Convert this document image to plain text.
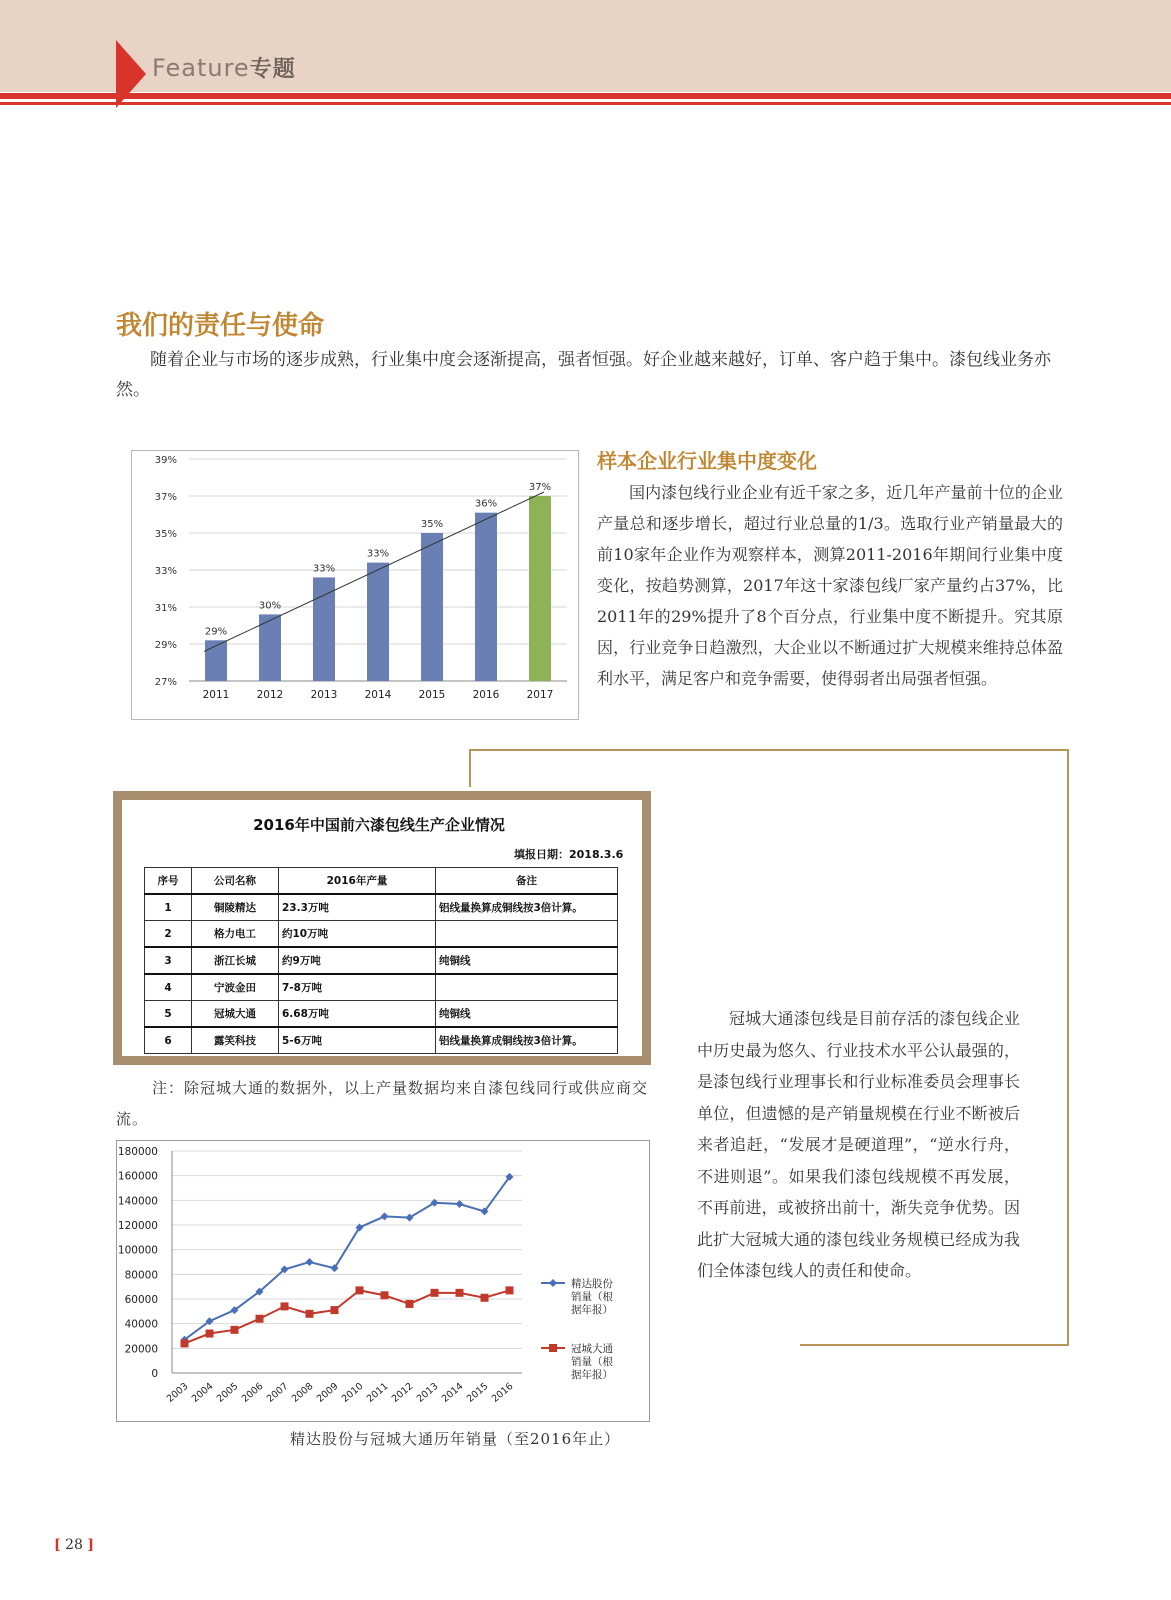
Feature专题
我们的责任与使命
随着企业与市场的逐步成熟，行业集中度会逐渐提高，强者恒强。好企业越来越好，订单、客户趋于集中。漆包线业务亦然。
27%
29%
31%
33%
35%
37%
39%
29%
2011
30%
2012
33%
2013
33%
2014
35%
2015
36%
2016
37%
2017
样本企业行业集中度变化
国内漆包线行业企业有近千家之多，近几年产量前十位的企业产量总和逐步增长，超过行业总量的1/3。选取行业产销量最大的前10家年企业作为观察样本，测算2011-2016年期间行业集中度变化，按趋势测算，2017年这十家漆包线厂家产量约占37%，比2011年的29%提升了8个百分点，行业集中度不断提升。究其原因，行业竞争日趋激烈，大企业以不断通过扩大规模来维持总体盈利水平，满足客户和竞争需要，使得弱者出局强者恒强。
2016年中国前六漆包线生产企业情况
填报日期：2018.3.6
序号	公司名称	2016年产量	备注
1	铜陵精达	23.3万吨	铝线量换算成铜线按3倍计算。
2	格力电工	约10万吨	
3	浙江长城	约9万吨	纯铜线
4	宁波金田	7-8万吨	
5	冠城大通	6.68万吨	纯铜线
6	露笑科技	5-6万吨	铝线量换算成铜线按3倍计算。
注：除冠城大通的数据外，以上产量数据均来自漆包线同行或供应商交流。
0
20000
40000
60000
80000
100000
120000
140000
160000
180000
2003 2004 2005 2006 2007 2008 2009 2010 2011 2012 2013 2014 2015 2016
精达股份
销量（根
据年报）
冠城大通
销量（根
据年报）
精达股份与冠城大通历年销量（至2016年止）
冠城大通漆包线是目前存活的漆包线企业中历史最为悠久、行业技术水平公认最强的，是漆包线行业理事长和行业标准委员会理事长单位，但遗憾的是产销量规模在行业不断被后来者追赶，“发展才是硬道理”，“逆水行舟，不进则退”。如果我们漆包线规模不再发展，不再前进，或被挤出前十，渐失竞争优势。因此扩大冠城大通的漆包线业务规模已经成为我们全体漆包线人的责任和使命。
[ 28 ]
